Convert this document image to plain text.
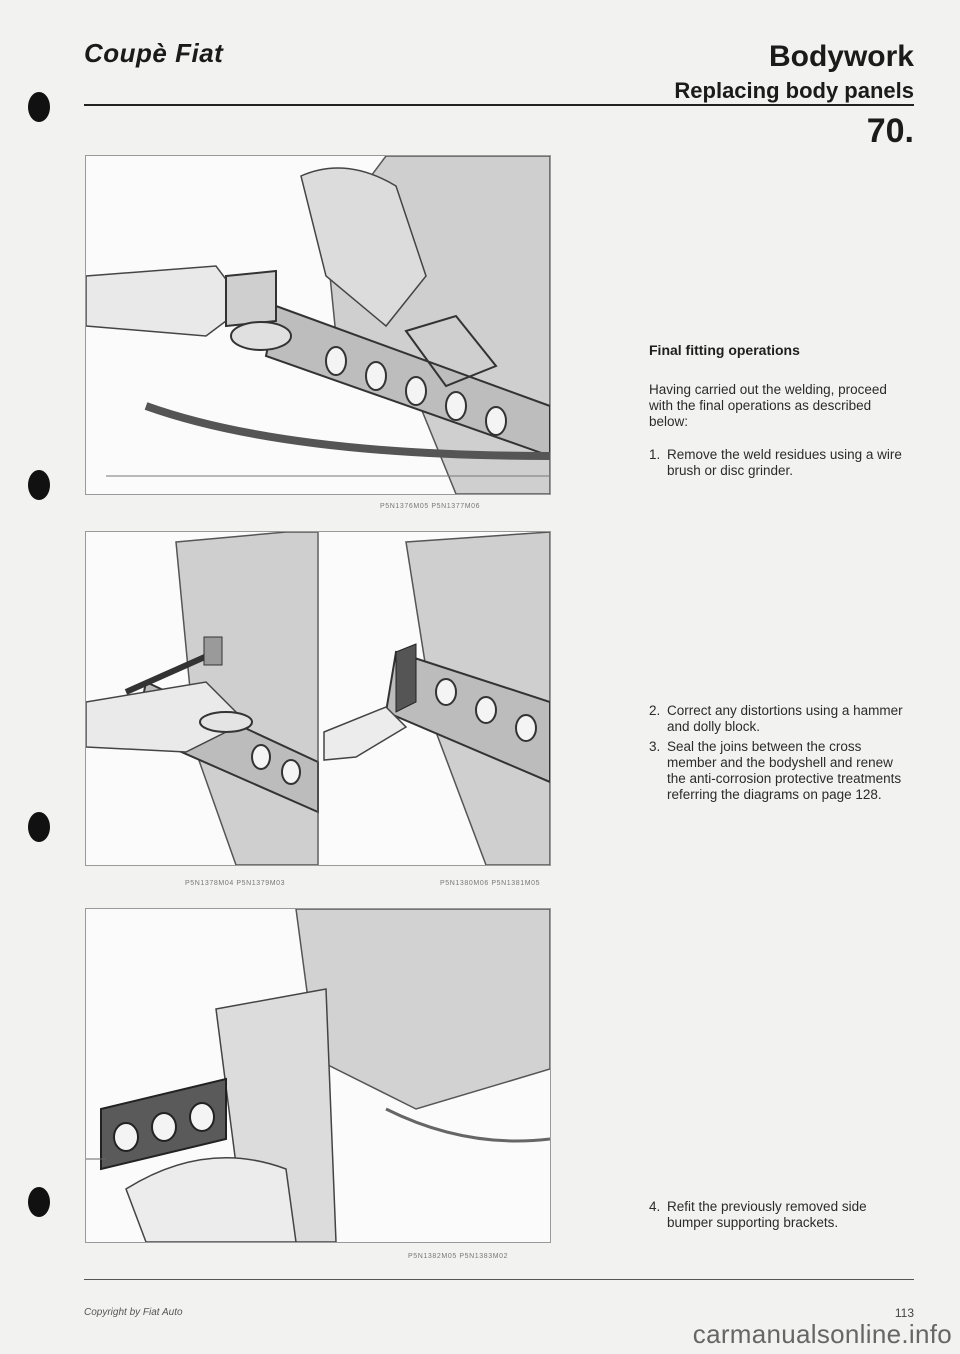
Coupè Fiat	Bodywork
Replacing body panels
70.
P5N1376M05 P5N1377M06
P5N1378M04 P5N1379M03	P5N1380M06 P5N1381M05
P5N1382M05 P5N1383M02
Final fitting operations
Having carried out the welding, proceed with the final operations as described below:
1. Remove the weld residues using a wire brush or disc grinder.
2. Correct any distortions using a hammer and dolly block.
3. Seal the joins between the cross member and the bodyshell and renew the anti-corrosion protective treatments referring the diagrams on page 128.
4. Refit the previously removed side bumper supporting brackets.
Copyright by Fiat Auto	113
carmanualsonline.info
